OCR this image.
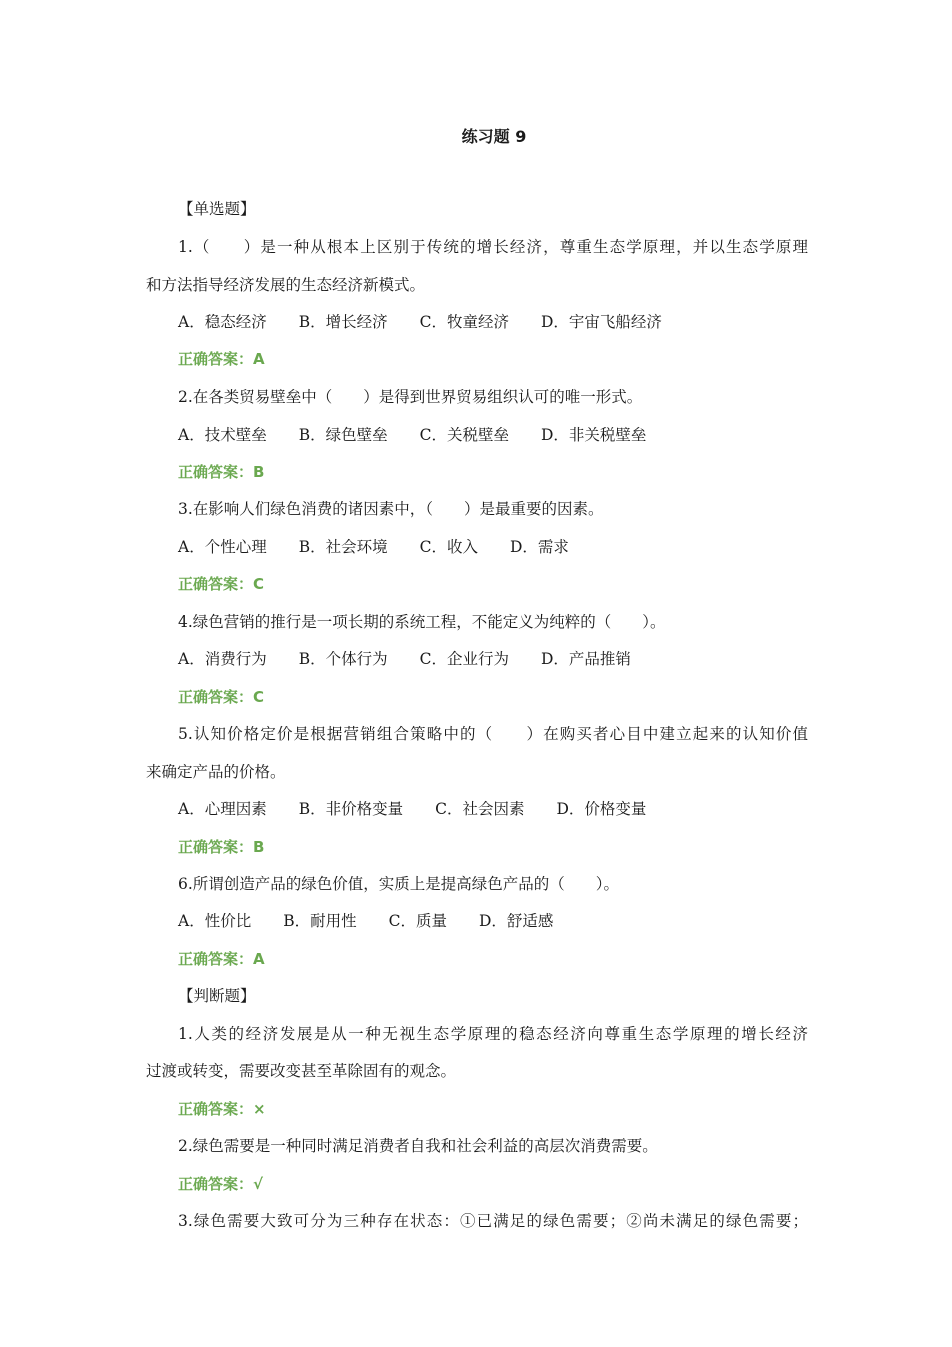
练习题 9
【单选题】
1.（　　）是一种从根本上区别于传统的增长经济，尊重生态学原理，并以生态学原理
和方法指导经济发展的生态经济新模式。
A．稳态经济 B．增长经济 C．牧童经济 D．宇宙飞船经济
正确答案：A
2.在各类贸易壁垒中（　　）是得到世界贸易组织认可的唯一形式。
A．技术壁垒 B．绿色壁垒 C．关税壁垒 D．非关税壁垒
正确答案：B
3.在影响人们绿色消费的诸因素中，（　　）是最重要的因素。
A．个性心理 B．社会环境 C．收入 D．需求
正确答案：C
4.绿色营销的推行是一项长期的系统工程，不能定义为纯粹的（　　）。
A．消费行为 B．个体行为 C．企业行为 D．产品推销
正确答案：C
5.认知价格定价是根据营销组合策略中的（　　）在购买者心目中建立起来的认知价值
来确定产品的价格。
A．心理因素 B．非价格变量 C．社会因素 D．价格变量
正确答案：B
6.所谓创造产品的绿色价值，实质上是提高绿色产品的（　　）。
A．性价比 B．耐用性 C．质量 D．舒适感
正确答案：A
【判断题】
1.人类的经济发展是从一种无视生态学原理的稳态经济向尊重生态学原理的增长经济
过渡或转变，需要改变甚至革除固有的观念。
正确答案：×
2.绿色需要是一种同时满足消费者自我和社会利益的高层次消费需要。
正确答案：√
3.绿色需要大致可分为三种存在状态：①已满足的绿色需要；②尚未满足的绿色需要；
